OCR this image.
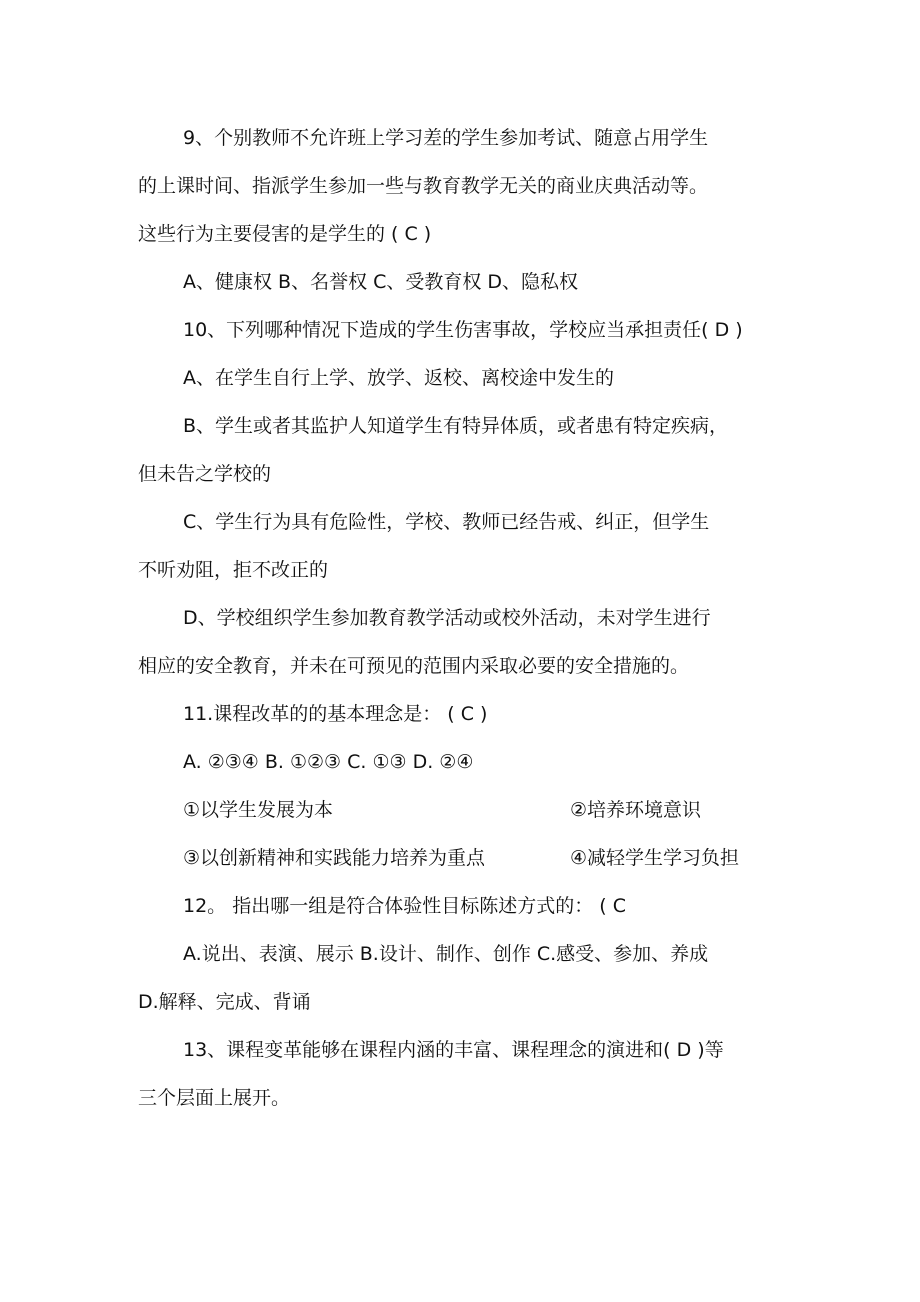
9、个别教师不允许班上学习差的学生参加考试、随意占用学生
的上课时间、指派学生参加一些与教育教学无关的商业庆典活动等。
这些行为主要侵害的是学生的 ( C )
A、健康权 B、名誉权 C、受教育权 D、隐私权
10、下列哪种情况下造成的学生伤害事故，学校应当承担责任( D )
A、在学生自行上学、放学、返校、离校途中发生的
B、学生或者其监护人知道学生有特异体质，或者患有特定疾病，
但未告之学校的
C、学生行为具有危险性，学校、教师已经告戒、纠正，但学生
不听劝阻，拒不改正的
D、学校组织学生参加教育教学活动或校外活动，未对学生进行
相应的安全教育，并未在可预见的范围内采取必要的安全措施的。
11.课程改革的的基本理念是： ( C )
A. ②③④ B. ①②③ C. ①③ D. ②④
①以学生发展为本	②培养环境意识
③以创新精神和实践能力培养为重点	④减轻学生学习负担
12。 指出哪一组是符合体验性目标陈述方式的： ( C
A.说出、表演、展示 B.设计、制作、创作 C.感受、参加、养成
D.解释、完成、背诵
13、课程变革能够在课程内涵的丰富、课程理念的演进和( D )等
三个层面上展开。
